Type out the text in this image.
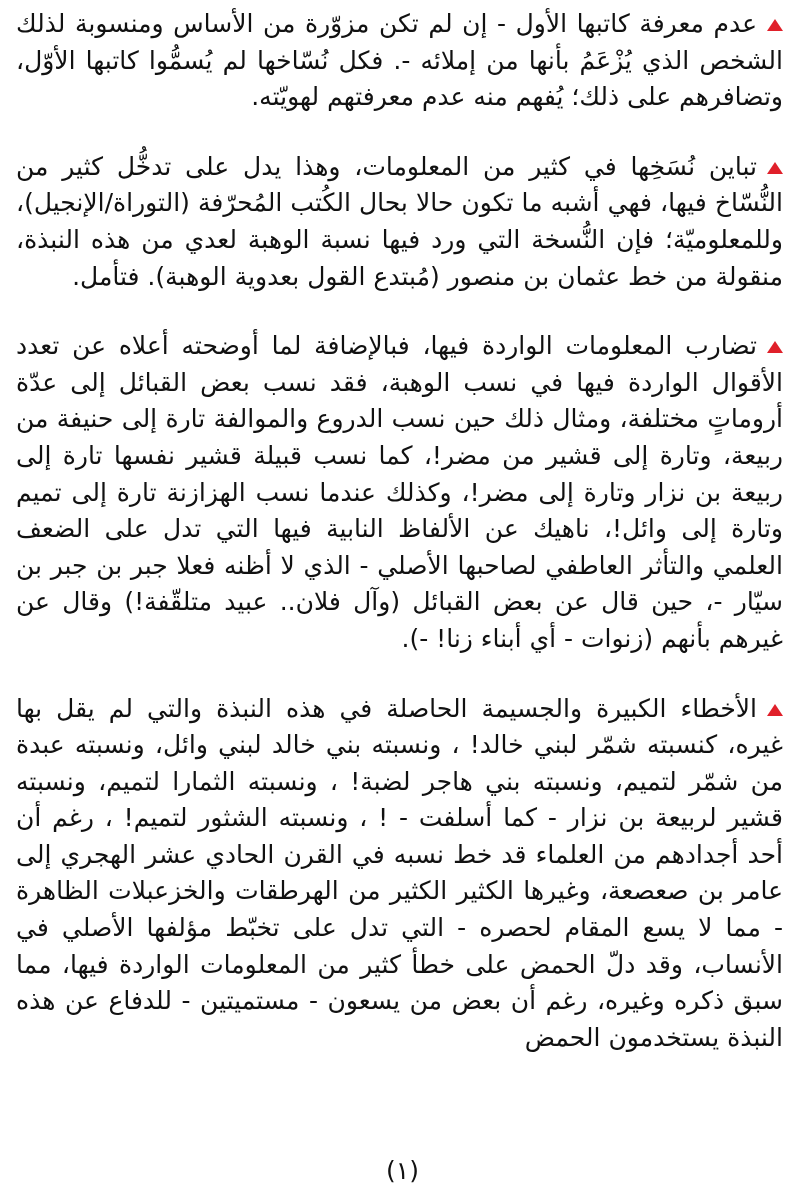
عدم معرفة كاتبها الأول - إن لم تكن مزوّرة من الأساس ومنسوبة لذلك الشخص الذي يُزْعَمُ بأنها من إملائه -. فكل نُسّاخها لم يُسمُّوا كاتبها الأوّل، وتضافرهم على ذلك؛ يُفهم منه عدم معرفتهم لهويّته.

تباين نُسَخِها في كثير من المعلومات، وهذا يدل على تدخُّل كثير من النُّسّاخ فيها، فهي أشبه ما تكون حالا بحال الكُتب المُحرّفة (التوراة/الإنجيل)، وللمعلوميّة؛ فإن النُّسخة التي ورد فيها نسبة الوهبة لعدي من هذه النبذة، منقولة من خط عثمان بن منصور (مُبتدع القول بعدوية الوهبة). فتأمل.

تضارب المعلومات الواردة فيها، فبالإضافة لما أوضحته أعلاه عن تعدد الأقوال الواردة فيها في نسب الوهبة، فقد نسب بعض القبائل إلى عدّة أروماتٍ مختلفة، ومثال ذلك حين نسب الدروع والموالفة تارة إلى حنيفة من ربيعة، وتارة إلى قشير من مضر!، كما نسب قبيلة قشير نفسها تارة إلى ربيعة بن نزار وتارة إلى مضر!، وكذلك عندما نسب الهزازنة تارة إلى تميم وتارة إلى وائل!، ناهيك عن الألفاظ النابية فيها التي تدل على الضعف العلمي والتأثر العاطفي لصاحبها الأصلي - الذي لا أظنه فعلا جبر بن جبر بن سيّار -، حين قال عن بعض القبائل (وآل فلان.. عبيد متلقّفة!) وقال عن غيرهم بأنهم (زنوات - أي أبناء زنا! -).

الأخطاء الكبيرة والجسيمة الحاصلة في هذه النبذة والتي لم يقل بها غيره، كنسبته شمّر لبني خالد! ، ونسبته بني خالد لبني وائل، ونسبته عبدة من شمّر لتميم، ونسبته بني هاجر لضبة! ، ونسبته الثمارا لتميم، ونسبته قشير لربيعة بن نزار - كما أسلفت - ! ، ونسبته الشثور لتميم! ، رغم أن أحد أجدادهم من العلماء قد خط نسبه في القرن الحادي عشر الهجري إلى عامر بن صعصعة، وغيرها الكثير الكثير من الهرطقات والخزعبلات الظاهرة - مما لا يسع المقام لحصره - التي تدل على تخبّط مؤلفها الأصلي في الأنساب، وقد دلّ الحمض على خطأ كثير من المعلومات الواردة فيها، مما سبق ذكره وغيره، رغم أن بعض من يسعون - مستميتين - للدفاع عن هذه النبذة يستخدمون الحمض

(١)
